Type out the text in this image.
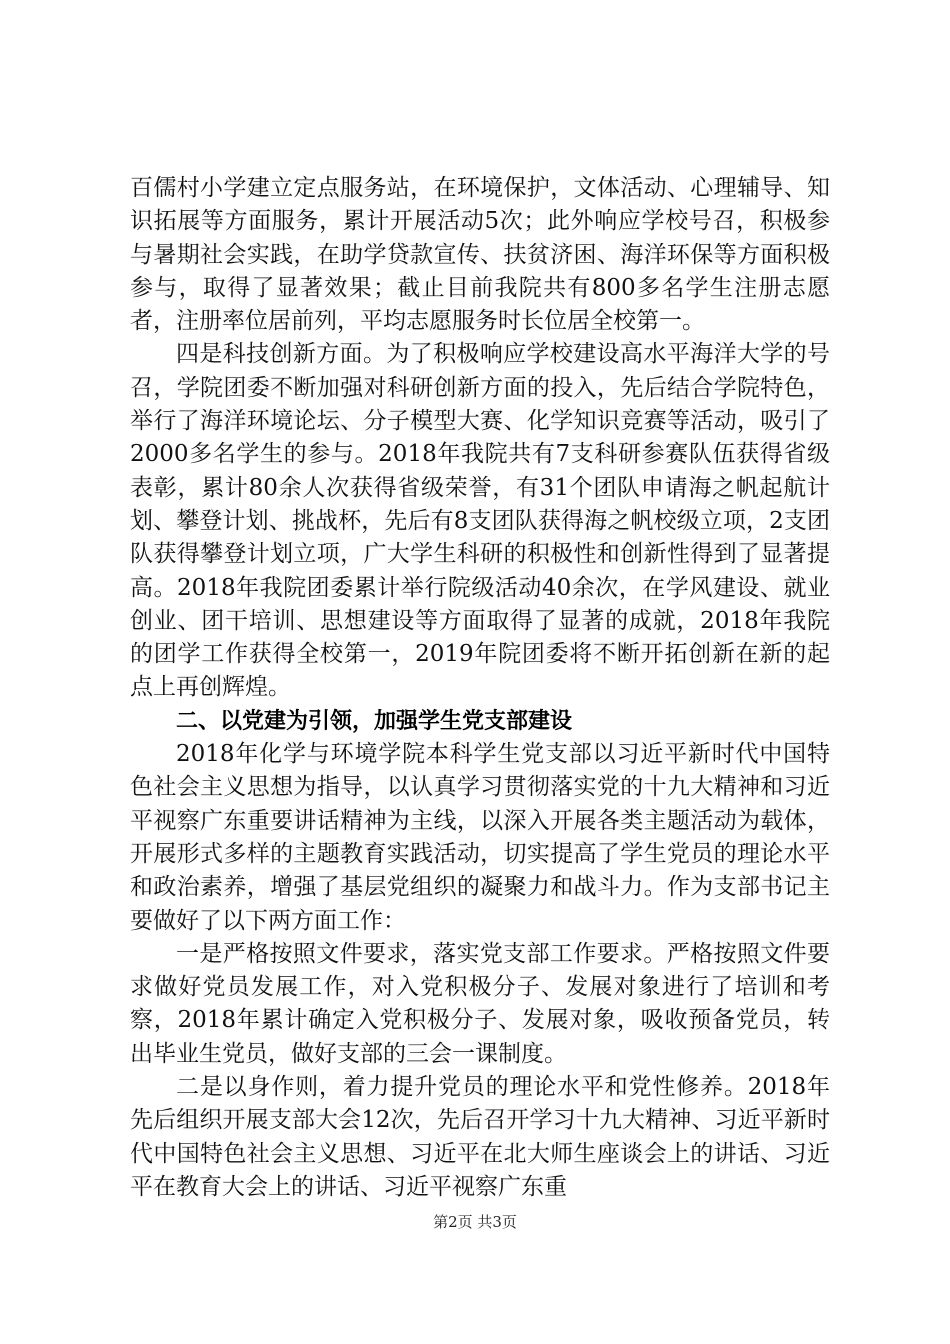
百儒村小学建立定点服务站，在环境保护，文体活动、心理辅导、知识拓展等方面服务，累计开展活动5次；此外响应学校号召，积极参与暑期社会实践，在助学贷款宣传、扶贫济困、海洋环保等方面积极参与，取得了显著效果；截止目前我院共有800多名学生注册志愿者，注册率位居前列，平均志愿服务时长位居全校第一。

四是科技创新方面。为了积极响应学校建设高水平海洋大学的号召，学院团委不断加强对科研创新方面的投入，先后结合学院特色，举行了海洋环境论坛、分子模型大赛、化学知识竞赛等活动，吸引了2000多名学生的参与。2018年我院共有7支科研参赛队伍获得省级表彰，累计80余人次获得省级荣誉，有31个团队申请海之帆起航计划、攀登计划、挑战杯，先后有8支团队获得海之帆校级立项，2支团队获得攀登计划立项，广大学生科研的积极性和创新性得到了显著提高。2018年我院团委累计举行院级活动40余次，在学风建设、就业创业、团干培训、思想建设等方面取得了显著的成就，2018年我院的团学工作获得全校第一，2019年院团委将不断开拓创新在新的起点上再创辉煌。

二、以党建为引领，加强学生党支部建设

2018年化学与环境学院本科学生党支部以习近平新时代中国特色社会主义思想为指导，以认真学习贯彻落实党的十九大精神和习近平视察广东重要讲话精神为主线，以深入开展各类主题活动为载体，开展形式多样的主题教育实践活动，切实提高了学生党员的理论水平和政治素养，增强了基层党组织的凝聚力和战斗力。作为支部书记主要做好了以下两方面工作：

一是严格按照文件要求，落实党支部工作要求。严格按照文件要求做好党员发展工作，对入党积极分子、发展对象进行了培训和考察，2018年累计确定入党积极分子、发展对象，吸收预备党员，转出毕业生党员，做好支部的三会一课制度。

二是以身作则，着力提升党员的理论水平和党性修养。2018年先后组织开展支部大会12次，先后召开学习十九大精神、习近平新时代中国特色社会主义思想、习近平在北大师生座谈会上的讲话、习近平在教育大会上的讲话、习近平视察广东重

第2页 共3页
